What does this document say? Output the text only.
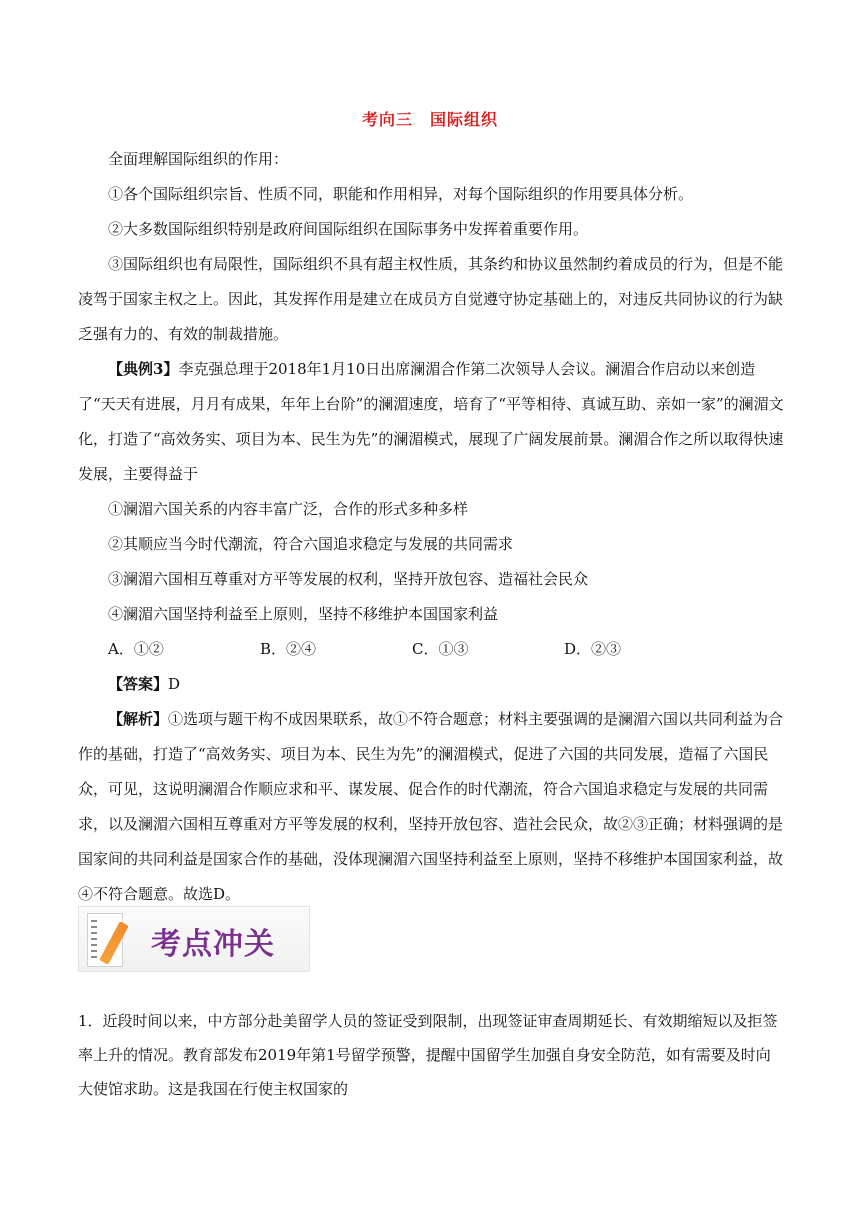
考向三　国际组织

全面理解国际组织的作用：

①各个国际组织宗旨、性质不同，职能和作用相异，对每个国际组织的作用要具体分析。

②大多数国际组织特别是政府间国际组织在国际事务中发挥着重要作用。

③国际组织也有局限性，国际组织不具有超主权性质，其条约和协议虽然制约着成员的行为，但是不能凌驾于国家主权之上。因此，其发挥作用是建立在成员方自觉遵守协定基础上的，对违反共同协议的行为缺乏强有力的、有效的制裁措施。

【典例3】李克强总理于2018年1月10日出席澜湄合作第二次领导人会议。澜湄合作启动以来创造了“天天有进展，月月有成果，年年上台阶”的澜湄速度，培育了“平等相待、真诚互助、亲如一家”的澜湄文化，打造了“高效务实、项目为本、民生为先”的澜湄模式，展现了广阔发展前景。澜湄合作之所以取得快速发展，主要得益于

①澜湄六国关系的内容丰富广泛，合作的形式多种多样

②其顺应当今时代潮流，符合六国追求稳定与发展的共同需求

③澜湄六国相互尊重对方平等发展的权利，坚持开放包容、造福社会民众

④澜湄六国坚持利益至上原则，坚持不移维护本国国家利益

A．①②	B．②④	C．①③	D．②③

【答案】D

【解析】①选项与题干构不成因果联系，故①不符合题意；材料主要强调的是澜湄六国以共同利益为合作的基础，打造了“高效务实、项目为本、民生为先”的澜湄模式，促进了六国的共同发展，造福了六国民众，可见，这说明澜湄合作顺应求和平、谋发展、促合作的时代潮流，符合六国追求稳定与发展的共同需求，以及澜湄六国相互尊重对方平等发展的权利，坚持开放包容、造社会民众，故②③正确；材料强调的是国家间的共同利益是国家合作的基础，没体现澜湄六国坚持利益至上原则，坚持不移维护本国国家利益，故④不符合题意。故选D。

考点冲关
1．近段时间以来，中方部分赴美留学人员的签证受到限制，出现签证审查周期延长、有效期缩短以及拒签率上升的情况。教育部发布2019年第1号留学预警，提醒中国留学生加强自身安全防范，如有需要及时向大使馆求助。这是我国在行使主权国家的
